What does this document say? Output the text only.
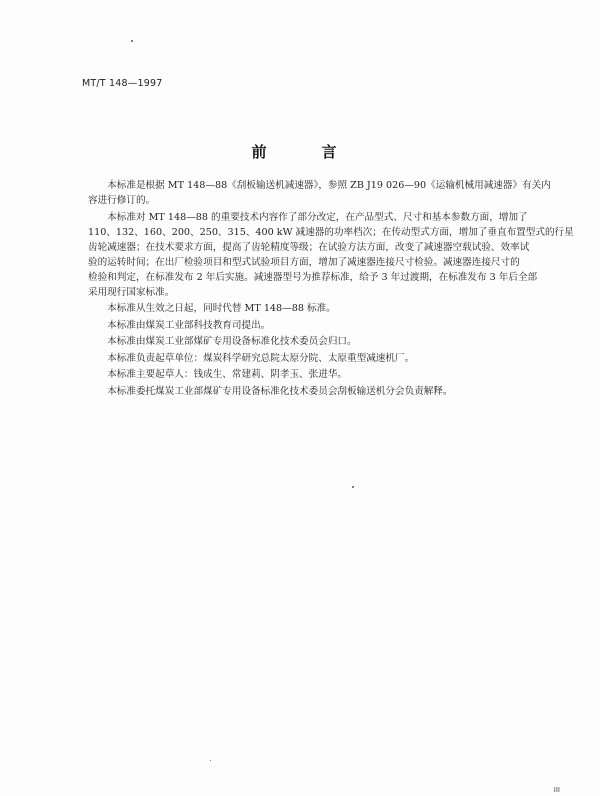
MT/T 148—1997
前　言
　　本标准是根据 MT 148—88《刮板输送机减速器》，参照 ZB J19 026—90《运输机械用减速器》有关内
容进行修订的。
　　本标准对 MT 148—88 的重要技术内容作了部分改定，在产品型式、尺寸和基本参数方面，增加了
110、132、160、200、250、315、400 kW 减速器的功率档次；在传动型式方面，增加了垂直布置型式的行星
齿轮减速器；在技术要求方面，提高了齿轮精度等级；在试验方法方面，改变了减速器空载试验、效率试
验的运转时间；在出厂检验项目和型式试验项目方面，增加了减速器连接尺寸检验。减速器连接尺寸的
检验和判定，在标准发布 2 年后实施。减速器型号为推荐标准，给予 3 年过渡期，在标准发布 3 年后全部
采用现行国家标准。
　　本标准从生效之日起，同时代替 MT 148—88 标准。
　　本标准由煤炭工业部科技教育司提出。
　　本标准由煤炭工业部煤矿专用设备标准化技术委员会归口。
　　本标准负责起草单位：煤炭科学研究总院太原分院、太原重型减速机厂。
　　本标准主要起草人：钱成生、常建莉、阴孝玉、张进华。
　　本标准委托煤炭工业部煤矿专用设备标准化技术委员会刮板输送机分会负责解释。
III
